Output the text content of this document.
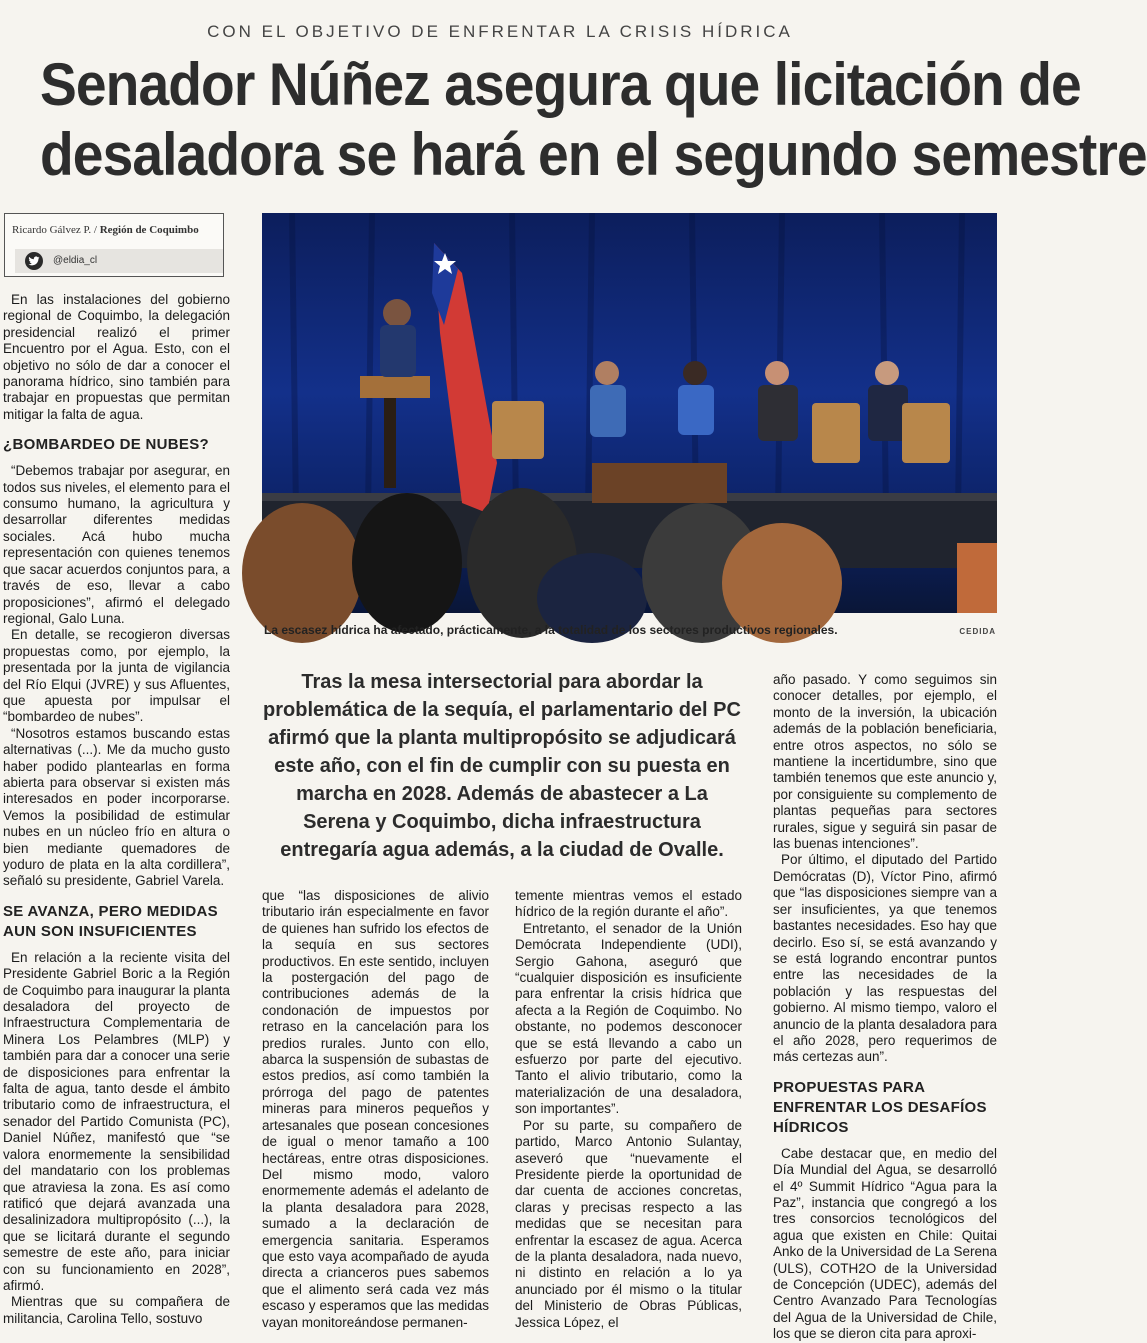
CON EL OBJETIVO DE ENFRENTAR LA CRISIS HÍDRICA
Senador Núñez asegura que licitación de
desaladora se hará en el segundo semestre
Ricardo Gálvez P. / Región de Coquimbo
@eldia_cl

En las instalaciones del gobierno regional de Coquimbo, la delegación presidencial realizó el primer Encuentro por el Agua. Esto, con el objetivo no sólo de dar a conocer el panorama hídrico, sino también para trabajar en propuestas que permitan mitigar la falta de agua.

¿BOMBARDEO DE NUBES?

“Debemos trabajar por asegurar, en todos sus niveles, el elemento para el consumo humano, la agricultura y desarrollar diferentes medidas sociales. Acá hubo mucha representación con quienes tenemos que sacar acuerdos conjuntos para, a través de eso, llevar a cabo proposiciones”, afirmó el delegado regional, Galo Luna.

En detalle, se recogieron diversas propuestas como, por ejemplo, la presentada por la junta de vigilancia del Río Elqui (JVRE) y sus Afluentes, que apuesta por impulsar el “bombardeo de nubes”.

“Nosotros estamos buscando estas alternativas (...). Me da mucho gusto haber podido plantearlas en forma abierta para observar si existen más interesados en poder incorporarse. Vemos la posibilidad de estimular nubes en un núcleo frío en altura o bien mediante quemadores de yoduro de plata en la alta cordillera”, señaló su presidente, Gabriel Varela.

SE AVANZA, PERO MEDIDAS AUN SON INSUFICIENTES

En relación a la reciente visita del Presidente Gabriel Boric a la Región de Coquimbo para inaugurar la planta desaladora del proyecto de Infraestructura Complementaria de Minera Los Pelambres (MLP) y también para dar a conocer una serie de disposiciones para enfrentar la falta de agua, tanto desde el ámbito tributario como de infraestructura, el senador del Partido Comunista (PC), Daniel Núñez, manifestó que “se valora enormemente la sensibilidad del mandatario con los problemas que atraviesa la zona. Es así como ratificó que dejará avanzada una desalinizadora multipropósito (...), la que se licitará durante el segundo semestre de este año, para iniciar con su funcionamiento en 2028”, afirmó.

Mientras que su compañera de militancia, Carolina Tello, sostuvo

La escasez hídrica ha afectado, prácticamente, a la totalidad de los sectores productivos regionales.	CEDIDA
Tras la mesa intersectorial para abordar la problemática de la sequía, el parlamentario del PC afirmó que la planta multipropósito se adjudicará este año, con el fin de cumplir con su puesta en marcha en 2028. Además de abastecer a La Serena y Coquimbo, dicha infraestructura entregaría agua además, a la ciudad de Ovalle.

que “las disposiciones de alivio tributario irán especialmente en favor de quienes han sufrido los efectos de la sequía en sus sectores productivos. En este sentido, incluyen la postergación del pago de contribuciones además de la condonación de impuestos por retraso en la cancelación para los predios rurales. Junto con ello, abarca la suspensión de subastas de estos predios, así como también la prórroga del pago de patentes mineras para mineros pequeños y artesanales que posean concesiones de igual o menor tamaño a 100 hectáreas, entre otras disposiciones. Del mismo modo, valoro enormemente además el adelanto de la planta desaladora para 2028, sumado a la declaración de emergencia sanitaria. Esperamos que esto vaya acompañado de ayuda directa a crianceros pues sabemos que el alimento será cada vez más escaso y esperamos que las medidas vayan monitoreándose permanen-

temente mientras vemos el estado hídrico de la región durante el año”.

Entretanto, el senador de la Unión Demócrata Independiente (UDI), Sergio Gahona, aseguró que “cualquier disposición es insuficiente para enfrentar la crisis hídrica que afecta a la Región de Coquimbo. No obstante, no podemos desconocer que se está llevando a cabo un esfuerzo por parte del ejecutivo. Tanto el alivio tributario, como la materialización de una desaladora, son importantes”.

Por su parte, su compañero de partido, Marco Antonio Sulantay, aseveró que “nuevamente el Presidente pierde la oportunidad de dar cuenta de acciones concretas, claras y precisas respecto a las medidas que se necesitan para enfrentar la escasez de agua. Acerca de la planta desaladora, nada nuevo, ni distinto en relación a lo ya anunciado por él mismo o la titular del Ministerio de Obras Públicas, Jessica López, el

año pasado. Y como seguimos sin conocer detalles, por ejemplo, el monto de la inversión, la ubicación además de la población beneficiaria, entre otros aspectos, no sólo se mantiene la incertidumbre, sino que también tenemos que este anuncio y, por consiguiente su complemento de plantas pequeñas para sectores rurales, sigue y seguirá sin pasar de las buenas intenciones”.

Por último, el diputado del Partido Demócratas (D), Víctor Pino, afirmó que “las disposiciones siempre van a ser insuficientes, ya que tenemos bastantes necesidades. Eso hay que decirlo. Eso sí, se está avanzando y se está logrando encontrar puntos entre las necesidades de la población y las respuestas del gobierno. Al mismo tiempo, valoro el anuncio de la planta desaladora para el año 2028, pero requerimos de más certezas aun”.

PROPUESTAS PARA ENFRENTAR LOS DESAFÍOS HÍDRICOS

Cabe destacar que, en medio del Día Mundial del Agua, se desarrolló el 4º Summit Hídrico “Agua para la Paz”, instancia que congregó a los tres consorcios tecnológicos del agua que existen en Chile: Quitai Anko de la Universidad de La Serena (ULS), COTH2O de la Universidad de Concepción (UDEC), además del Centro Avanzado Para Tecnologías del Agua de la Universidad de Chile, los que se dieron cita para aproxi-
